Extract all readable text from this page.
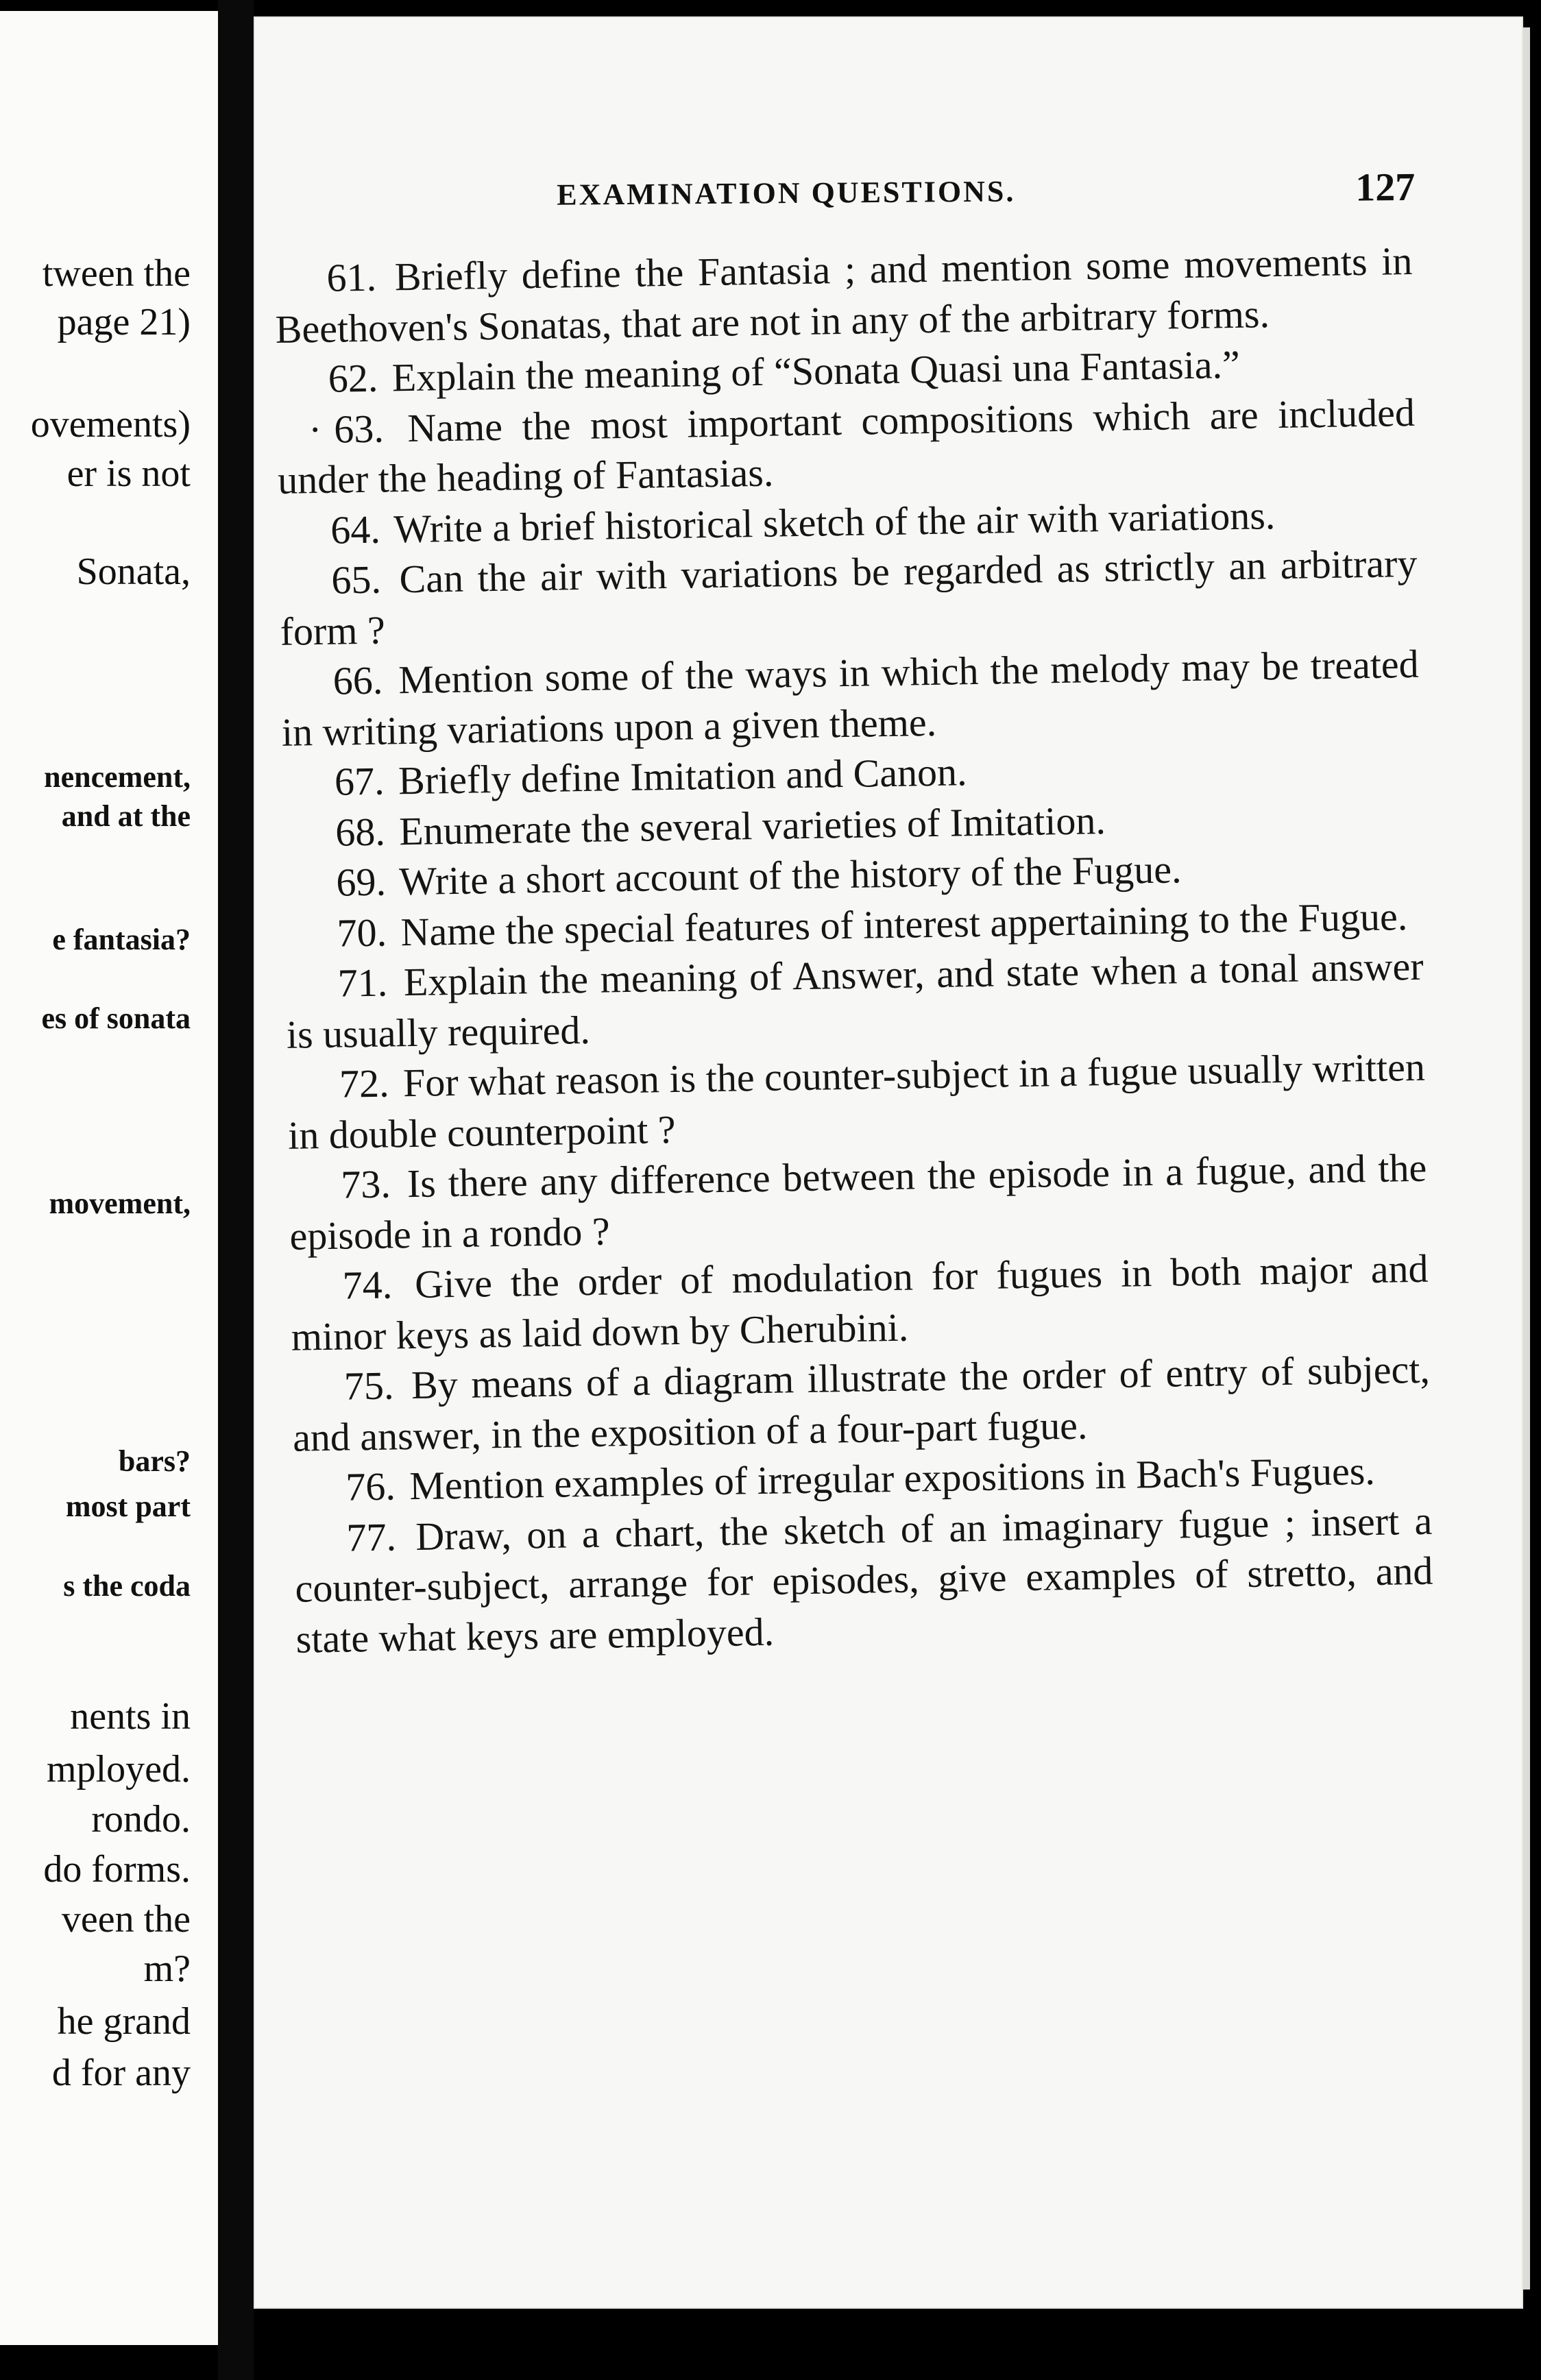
tween the
page 21)
ovements)
er is not
Sonata,
nencement,
and at the
e fantasia?
es of sonata
movement,
bars?
most part
s the coda
nents in
mployed.
rondo.
do forms.
veen the
m?
he grand
d for any
EXAMINATION QUESTIONS.	127

61. Briefly define the Fantasia ; and mention some movements in Beethoven's Sonatas, that are not in any of the arbitrary forms.

62. Explain the meaning of “Sonata Quasi una Fantasia.”

· 63. Name the most important compositions which are included under the heading of Fantasias.

64. Write a brief historical sketch of the air with variations.

65. Can the air with variations be regarded as strictly an arbitrary form ?

66. Mention some of the ways in which the melody may be treated in writing variations upon a given theme.

67. Briefly define Imitation and Canon.

68. Enumerate the several varieties of Imitation.

69. Write a short account of the history of the Fugue.

70. Name the special features of interest appertaining to the Fugue.

71. Explain the meaning of Answer, and state when a tonal answer is usually required.

72. For what reason is the counter-subject in a fugue usually written in double counterpoint ?

73. Is there any difference between the episode in a fugue, and the episode in a rondo ?

74. Give the order of modulation for fugues in both major and minor keys as laid down by Cherubini.

75. By means of a diagram illustrate the order of entry of subject, and answer, in the exposition of a four-part fugue.

76. Mention examples of irregular expositions in Bach's Fugues.

77. Draw, on a chart, the sketch of an imaginary fugue ; insert a counter-subject, arrange for episodes, give examples of stretto, and state what keys are employed.
